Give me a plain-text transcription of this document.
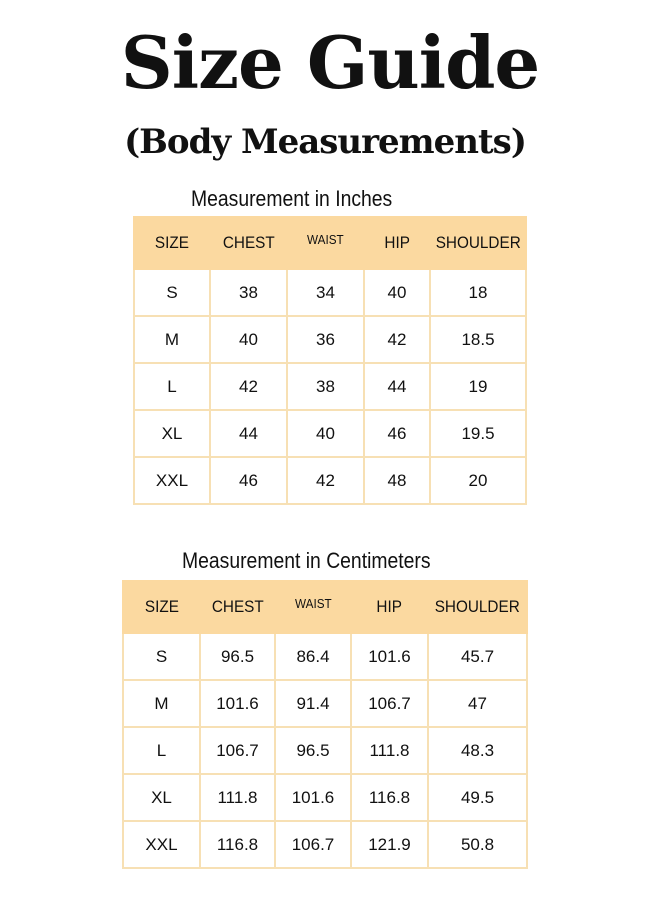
Size Guide
(Body Measurements)
Measurement in Inches
SIZE	CHEST	WAIST	HIP	SHOULDER
S	38	34	40	18
M	40	36	42	18.5
L	42	38	44	19
XL	44	40	46	19.5
XXL	46	42	48	20
Measurement in Centimeters
SIZE	CHEST	WAIST	HIP	SHOULDER
S	96.5	86.4	101.6	45.7
M	101.6	91.4	106.7	47
L	106.7	96.5	111.8	48.3
XL	111.8	101.6	116.8	49.5
XXL	116.8	106.7	121.9	50.8
